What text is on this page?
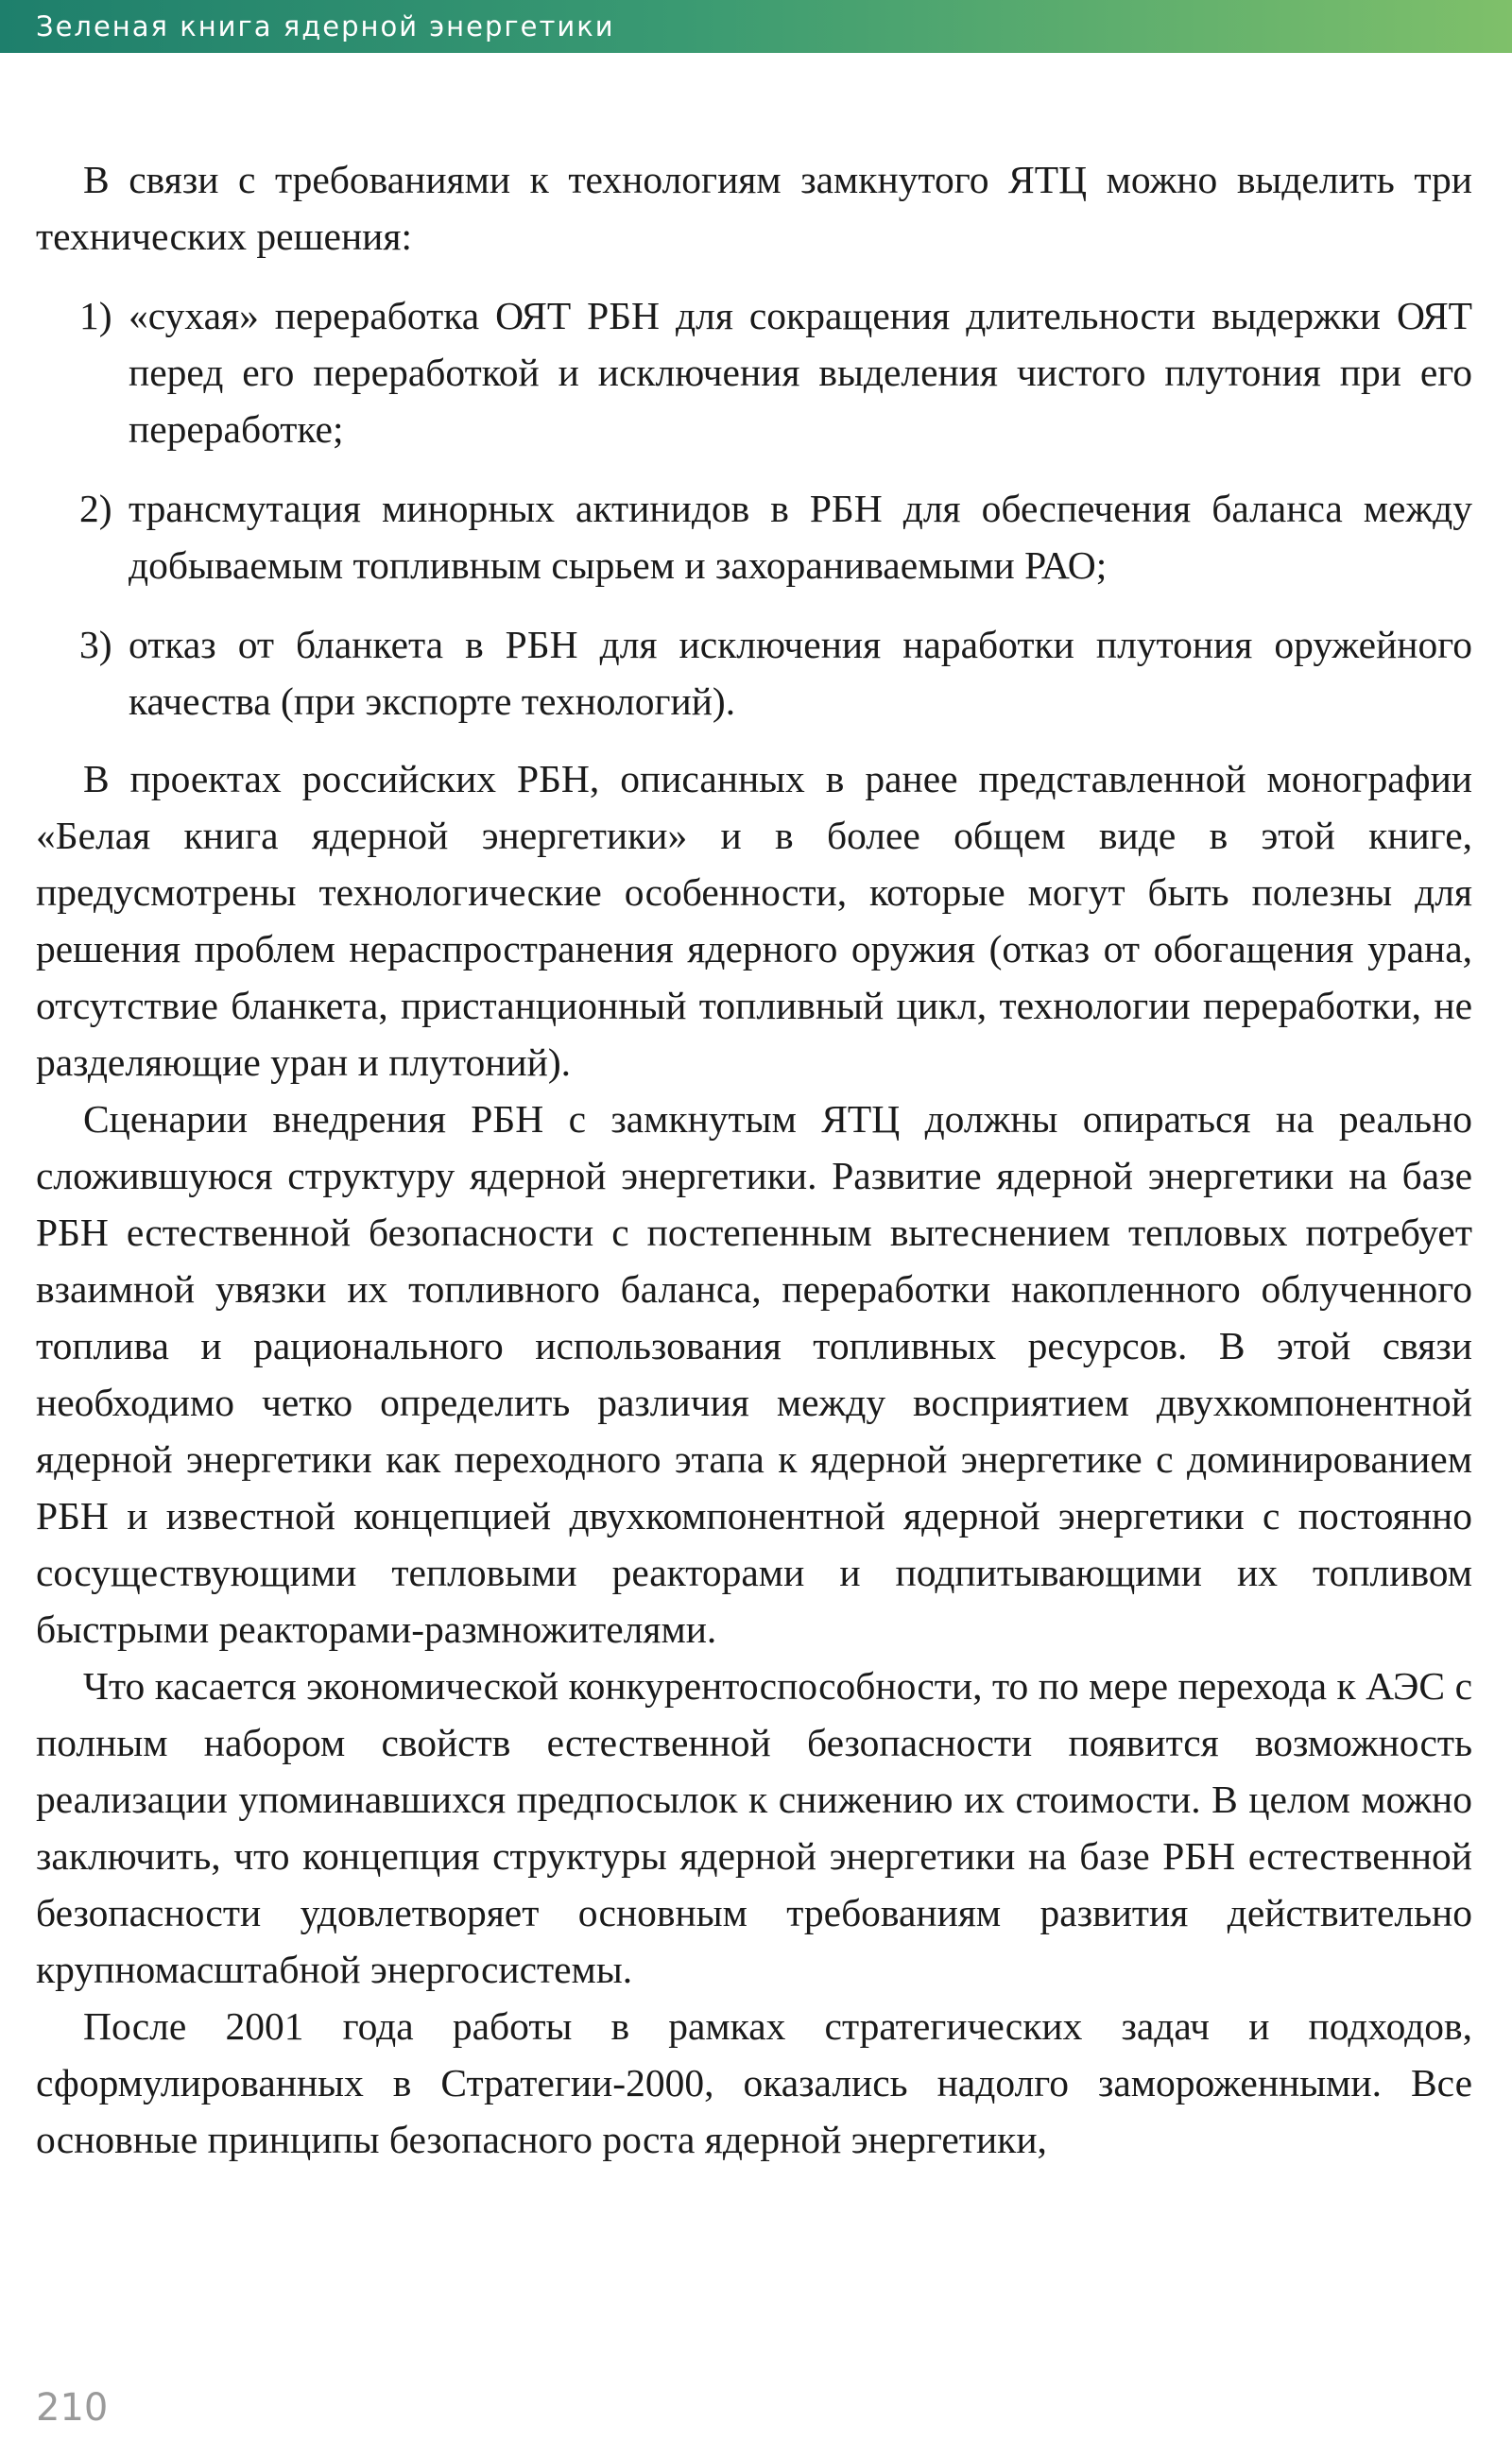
Зеленая книга ядерной энергетики

В связи с требованиями к технологиям замкнутого ЯТЦ можно выделить три технических решения:

1) «сухая» переработка ОЯТ РБН для сокращения длительности выдержки ОЯТ перед его переработкой и исключения выделения чистого плутония при его переработке;
2) трансмутация минорных актинидов в РБН для обеспечения баланса между добываемым топливным сырьем и захораниваемыми РАО;
3) отказ от бланкета в РБН для исключения наработки плутония оружейного качества (при экспорте технологий).

В проектах российских РБН, описанных в ранее представленной монографии «Белая книга ядерной энергетики» и в более общем виде в этой книге, предусмотрены технологические особенности, которые могут быть полезны для решения проблем нераспространения ядерного оружия (отказ от обогащения урана, отсутствие бланкета, пристанционный топливный цикл, технологии переработки, не разделяющие уран и плутоний).

Сценарии внедрения РБН с замкнутым ЯТЦ должны опираться на реально сложившуюся структуру ядерной энергетики. Развитие ядерной энергетики на базе РБН естественной безопасности с постепенным вытеснением тепловых потребует взаимной увязки их топливного баланса, переработки накопленного облученного топлива и рационального использования топливных ресурсов. В этой связи необходимо четко определить различия между восприятием двухкомпонентной ядерной энергетики как переходного этапа к ядерной энергетике с доминированием РБН и известной концепцией двухкомпонентной ядерной энергетики с постоянно сосуществующими тепловыми реакторами и подпитывающими их топливом быстрыми реакторами-размножителями.

Что касается экономической конкурентоспособности, то по мере перехода к АЭС с полным набором свойств естественной безопасности появится возможность реализации упоминавшихся предпосылок к снижению их стоимости. В целом можно заключить, что концепция структуры ядерной энергетики на базе РБН естественной безопасности удовлетворяет основным требованиям развития действительно крупномасштабной энергосистемы.

После 2001 года работы в рамках стратегических задач и подходов, сформулированных в Стратегии-2000, оказались надолго замороженными. Все основные принципы безопасного роста ядерной энергетики,

210
